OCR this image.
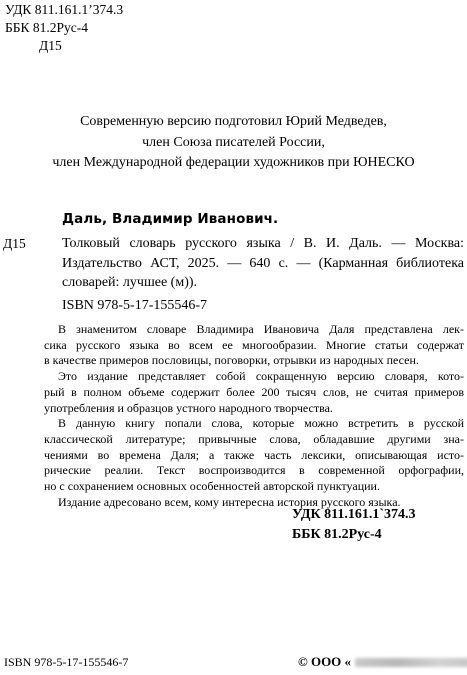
УДК 811.161.1’374.3
ББК 81.2Рус-4
Д15
Современную версию подготовил Юрий Медведев,
член Союза писателей России,
член Международной федерации художников при ЮНЕСКО
Даль, Владимир Иванович.
Д15	Толковый словарь русского языка / В. И. Даль. — Москва:
Издательство АСТ, 2025. — 640 с. — (Карманная библиотека
словарей: лучшее (м)).
ISBN 978-5-17-155546-7
В знаменитом словаре Владимира Ивановича Даля представлена лек-
сика русского языка во всем ее многообразии. Многие статьи содержат
в качестве примеров пословицы, поговорки, отрывки из народных песен.
Это издание представляет собой сокращенную версию словаря, кото-
рый в полном объеме содержит более 200 тысяч слов, не считая примеров
употребления и образцов устного народного творчества.
В данную книгу попали слова, которые можно встретить в русской
классической литературе; привычные слова, обладавшие другими зна-
чениями во времена Даля; а также часть лексики, описывающая исто-
рические реалии. Текст воспроизводится в современной орфографии,
но с сохранением основных особенностей авторской пунктуации.
Издание адресовано всем, кому интересна история русского языка.
УДК 811.161.1`374.3
ББК 81.2Рус-4
ISBN 978-5-17-155546-7	© ООО «
